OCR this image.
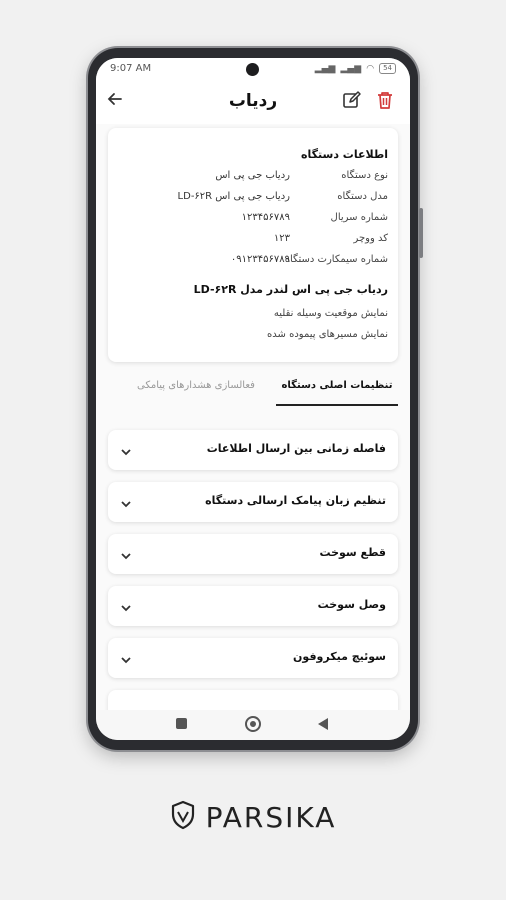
9:07 AM	▂▄▆ ▂▄▆ ◠	54
ردیاب
اطلاعات دستگاه
نوع دستگاه
ردیاب جی پی اس
مدل دستگاه
ردیاب جی پی اس LD-۶۲R
شماره سریال
۱۲۳۴۵۶۷۸۹
کد ووچر
۱۲۳
شماره سیمکارت دستگاه
۰۹۱۲۳۴۵۶۷۸۹
ردیاب جی پی اس لندر مدل LD-۶۲R
نمایش موقعیت وسیله نقلیه
نمایش مسیرهای پیموده شده
تنظیمات اصلی دستگاه
فعالسازی هشدارهای پیامکی
فاصله زمانی بین ارسال اطلاعات
تنظیم زبان پیامک ارسالی دستگاه
قطع سوخت
وصل سوخت
سوئیچ میکروفون
PARSIKA
